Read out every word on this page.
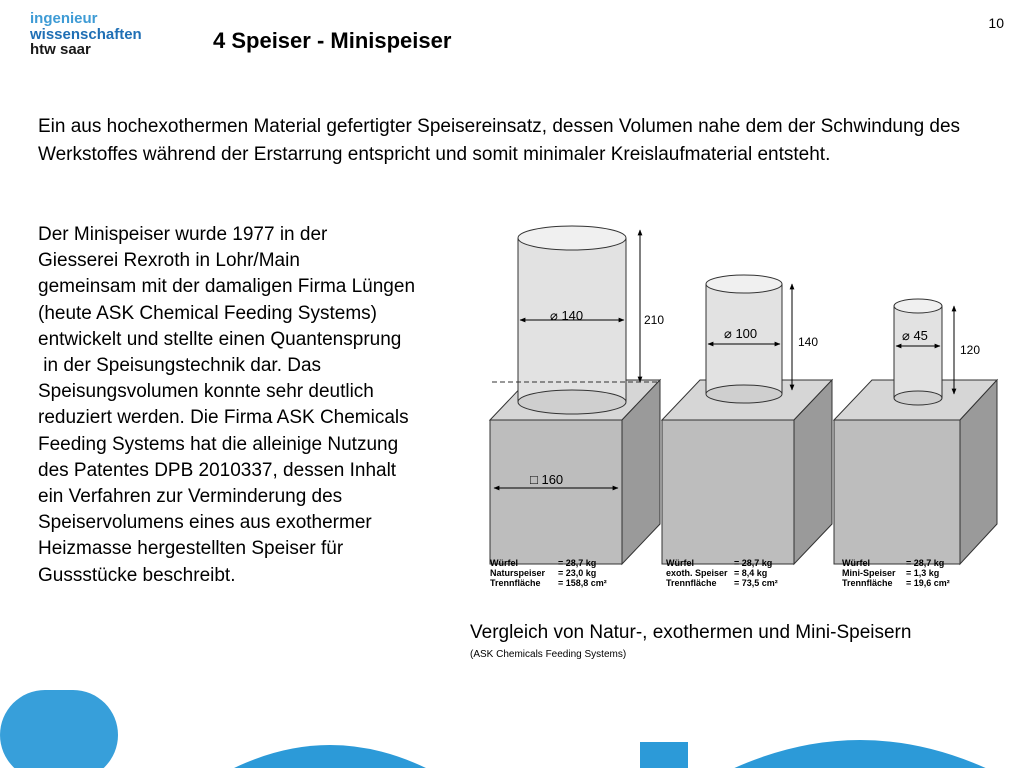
ingenieur
wissenschaften
htw saar
10
4 Speiser - Minispeiser

Ein aus hochexothermen Material gefertigter Speisereinsatz, dessen Volumen nahe dem der Schwindung des Werkstoffes während der Erstarrung entspricht und somit minimaler Kreislaufmaterial entsteht.

Der Minispeiser wurde 1977 in der
Giesserei Rexroth in Lohr/Main
gemeinsam mit der damaligen Firma Lüngen
(heute ASK Chemical Feeding Systems)
entwickelt und stellte einen Quantensprung
in der Speisungstechnik dar. Das
Speisungsvolumen konnte sehr deutlich
reduziert werden. Die Firma ASK Chemicals
Feeding Systems hat die alleinige Nutzung
des Patentes DPB 2010337, dessen Inhalt
ein Verfahren zur Verminderung des
Speiservolumens eines aus exothermer
Heizmasse hergestellten Speiser für
Gussstücke beschreibt.
⌀ 140	210
□ 160
Würfel	= 28,7 kg
Naturspeiser = 23,0 kg
Trennfläche = 158,8 cm²
⌀ 100
140
Würfel	= 28,7 kg
exoth. Speiser = 8,4 kg
Trennfläche = 73,5 cm²
⌀ 45
120
Würfel	= 28,7 kg
Mini-Speiser = 1,3 kg
Trennfläche = 19,6 cm²

Vergleich von Natur-, exothermen und Mini-Speisern

(ASK Chemicals Feeding Systems)
